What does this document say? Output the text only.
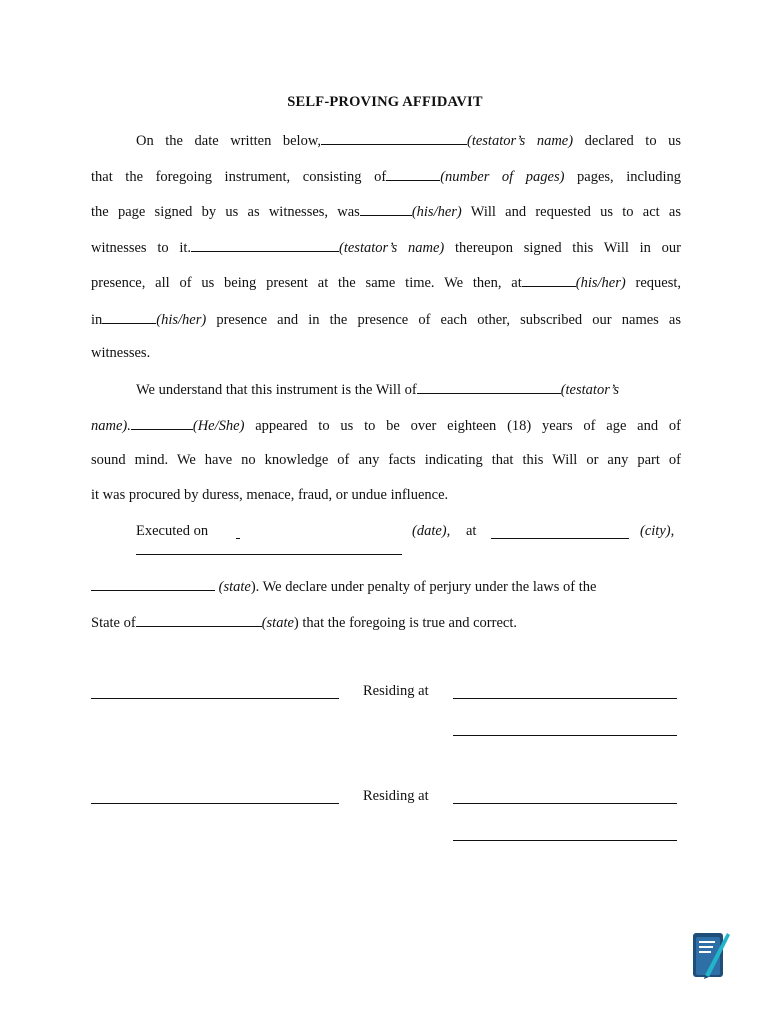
SELF-PROVING AFFIDAVIT
On the date written below,	(testator’s name) declared to us
that the foregoing instrument, consisting of	(number of pages) pages, including
the page signed by us as witnesses, was	(his/her) Will and requested us to act as
witnesses to it.	(testator’s name) thereupon signed this Will in our
presence, all of us being present at the same time. We then, at	(his/her) request,
in	(his/her) presence and in the presence of each other, subscribed our names as
witnesses.
We understand that this instrument is the Will of	(testator’s
name).	(He/She) appeared to us to be over eighteen (18) years of age and of
sound mind. We have no knowledge of any facts indicating that this Will or any part of
it was procured by duress, menace, fraud, or undue influence.
Executed on	(date),	at	(city),
(state). We declare under penalty of perjury under the laws of the
State of	(state) that the foregoing is true and correct.
Residing at
Residing at
